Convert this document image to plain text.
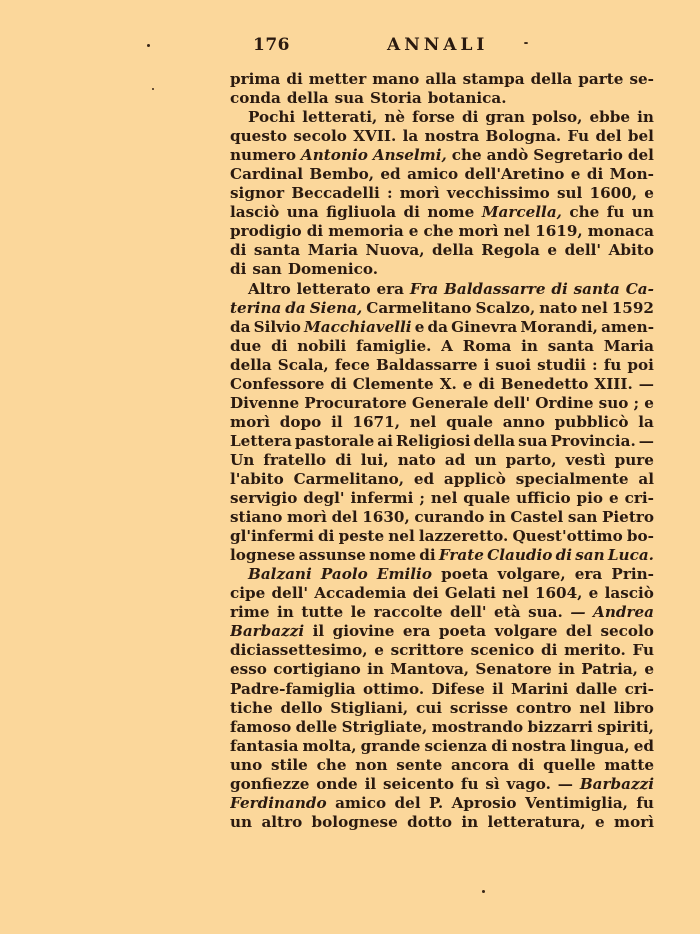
176	ANNALI
prima di metter mano alla stampa della parte se-
conda della sua Storia botanica.
Pochi letterati, nè forse di gran polso, ebbe in
questo secolo XVII. la nostra Bologna. Fu del bel
numero Antonio Anselmi, che andò Segretario del
Cardinal Bembo, ed amico dell'Aretino e di Mon-
signor Beccadelli : morì vecchissimo sul 1600, e
lasciò una figliuola di nome Marcella, che fu un
prodigio di memoria e che morì nel 1619, monaca
di santa Maria Nuova, della Regola e dell' Abito
di san Domenico.
Altro letterato era Fra Baldassarre di santa Ca-
terina da Siena, Carmelitano Scalzo, nato nel 1592
da Silvio Macchiavelli e da Ginevra Morandi, amen-
due di nobili famiglie. A Roma in santa Maria
della Scala, fece Baldassarre i suoi studii : fu poi
Confessore di Clemente X. e di Benedetto XIII. —
Divenne Procuratore Generale dell' Ordine suo ; e
morì dopo il 1671, nel quale anno pubblicò la
Lettera pastorale ai Religiosi della sua Provincia. —
Un fratello di lui, nato ad un parto, vestì pure
l'abito Carmelitano, ed applicò specialmente al
servigio degl' infermi ; nel quale ufficio pio e cri-
stiano morì del 1630, curando in Castel san Pietro
gl'infermi di peste nel lazzeretto. Quest'ottimo bo-
lognese assunse nome di Frate Claudio di san Luca.
Balzani Paolo Emilio poeta volgare, era Prin-
cipe dell' Accademia dei Gelati nel 1604, e lasciò
rime in tutte le raccolte dell' età sua. — Andrea
Barbazzi il giovine era poeta volgare del secolo
diciassettesimo, e scrittore scenico di merito. Fu
esso cortigiano in Mantova, Senatore in Patria, e
Padre-famiglia ottimo. Difese il Marini dalle cri-
tiche dello Stigliani, cui scrisse contro nel libro
famoso delle Strigliate, mostrando bizzarri spiriti,
fantasia molta, grande scienza di nostra lingua, ed
uno stile che non sente ancora di quelle matte
gonfiezze onde il seicento fu sì vago. — Barbazzi
Ferdinando amico del P. Aprosio Ventimiglia, fu
un altro bolognese dotto in letteratura, e morì
